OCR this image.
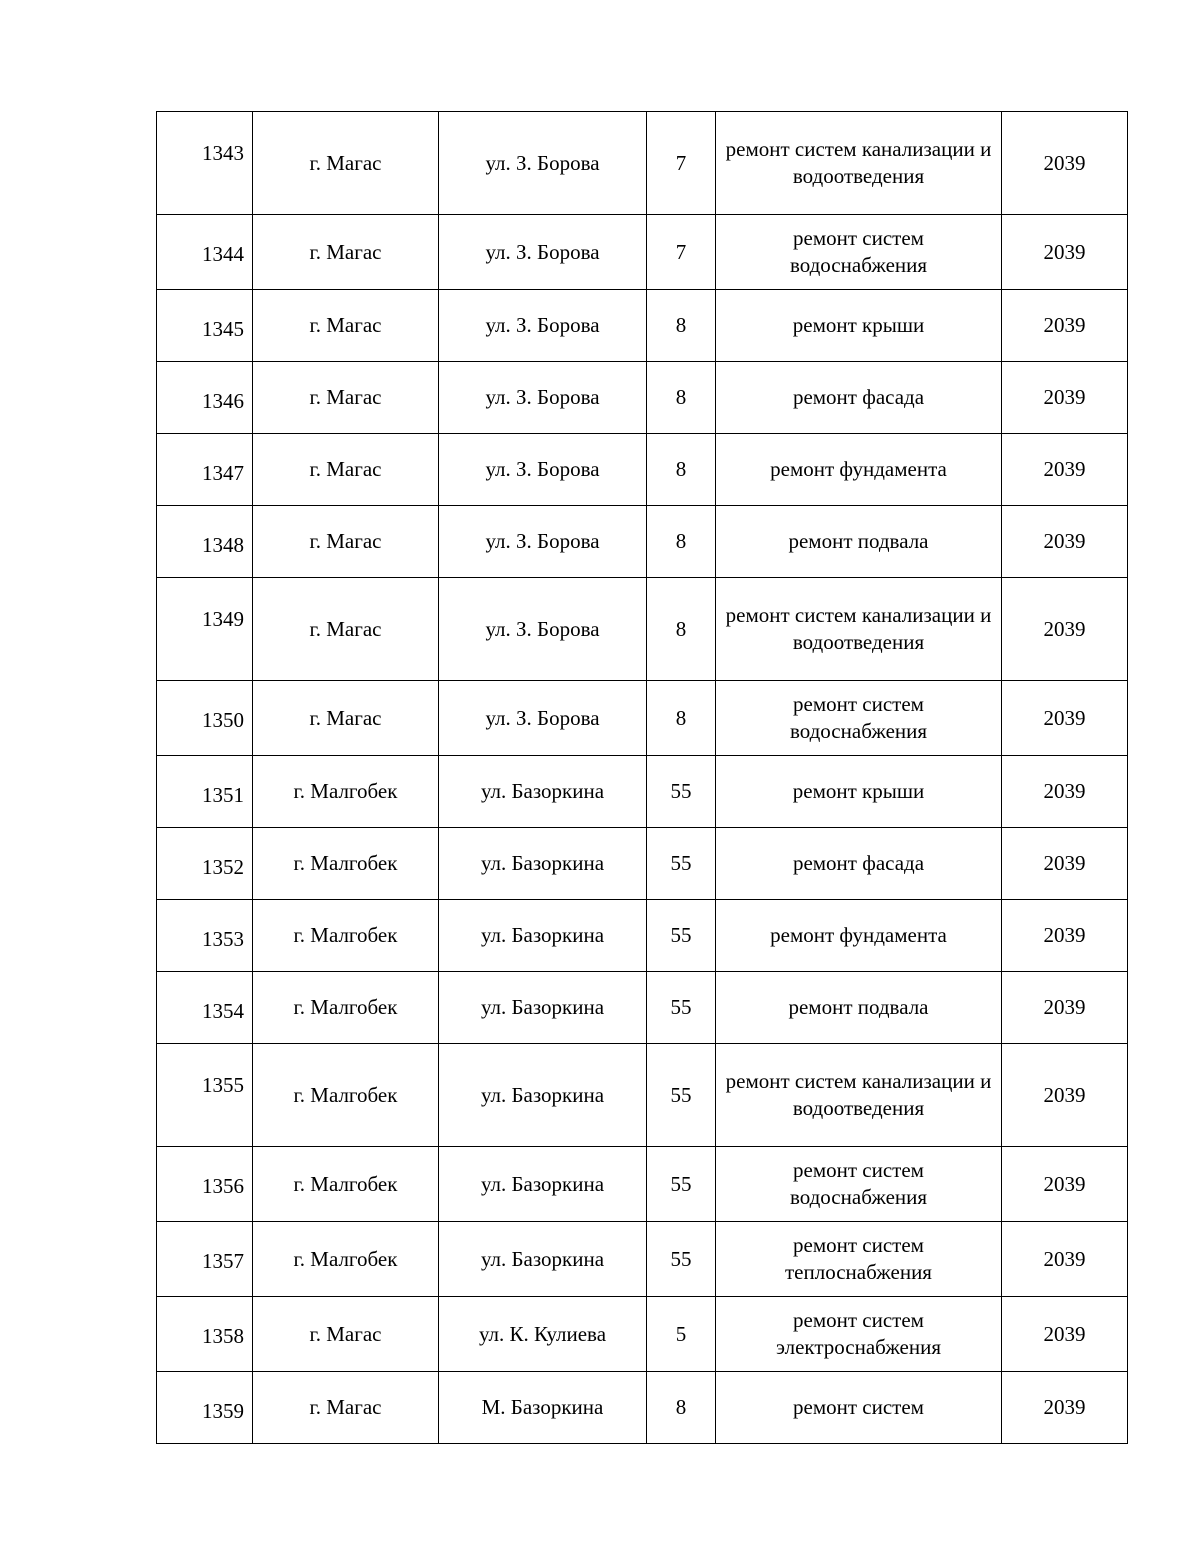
1343	г. Магас	ул. З. Борова	7	ремонт систем канализации и водоотведения	2039
1344	г. Магас	ул. З. Борова	7	ремонт систем водоснабжения	2039
1345	г. Магас	ул. З. Борова	8	ремонт крыши	2039
1346	г. Магас	ул. З. Борова	8	ремонт фасада	2039
1347	г. Магас	ул. З. Борова	8	ремонт фундамента	2039
1348	г. Магас	ул. З. Борова	8	ремонт подвала	2039
1349	г. Магас	ул. З. Борова	8	ремонт систем канализации и водоотведения	2039
1350	г. Магас	ул. З. Борова	8	ремонт систем водоснабжения	2039
1351	г. Малгобек	ул. Базоркина	55	ремонт крыши	2039
1352	г. Малгобек	ул. Базоркина	55	ремонт фасада	2039
1353	г. Малгобек	ул. Базоркина	55	ремонт фундамента	2039
1354	г. Малгобек	ул. Базоркина	55	ремонт подвала	2039
1355	г. Малгобек	ул. Базоркина	55	ремонт систем канализации и водоотведения	2039
1356	г. Малгобек	ул. Базоркина	55	ремонт систем водоснабжения	2039
1357	г. Малгобек	ул. Базоркина	55	ремонт систем теплоснабжения	2039
1358	г. Магас	ул. К. Кулиева	5	ремонт систем электроснабжения	2039
1359	г. Магас	М. Базоркина	8	ремонт систем	2039
